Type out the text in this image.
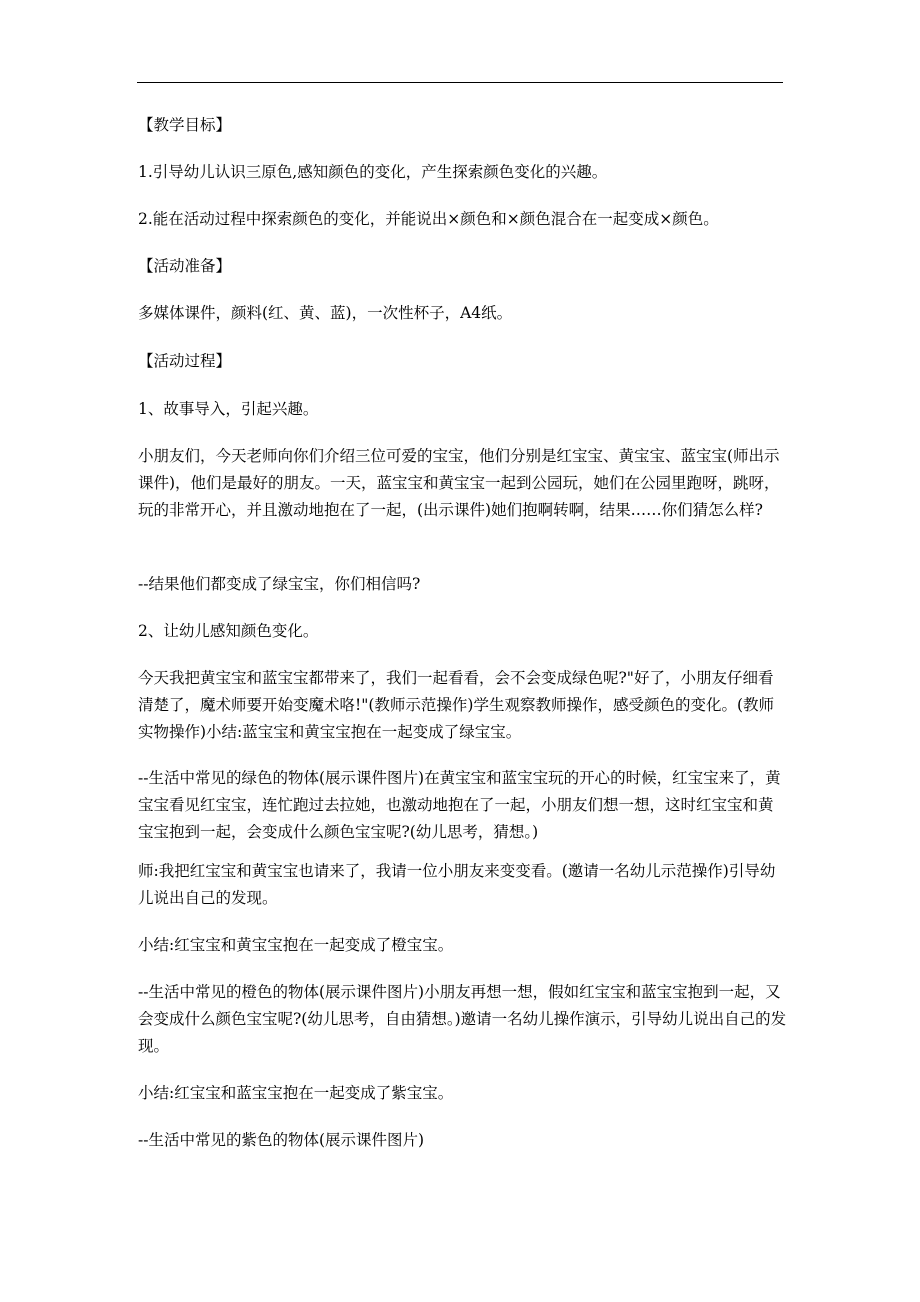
【教学目标】

1.引导幼儿认识三原色,感知颜色的变化，产生探索颜色变化的兴趣。

2.能在活动过程中探索颜色的变化，并能说出×颜色和×颜色混合在一起变成×颜色。

【活动准备】

多媒体课件，颜料(红、黄、蓝)，一次性杯子，A4纸。

【活动过程】

1、故事导入，引起兴趣。

小朋友们，今天老师向你们介绍三位可爱的宝宝，他们分别是红宝宝、黄宝宝、蓝宝宝(师出示课件)，他们是最好的朋友。一天，蓝宝宝和黄宝宝一起到公园玩，她们在公园里跑呀，跳呀，玩的非常开心，并且激动地抱在了一起，(出示课件)她们抱啊转啊，结果……你们猜怎么样?

--结果他们都变成了绿宝宝，你们相信吗?

2、让幼儿感知颜色变化。

今天我把黄宝宝和蓝宝宝都带来了，我们一起看看，会不会变成绿色呢?"好了，小朋友仔细看清楚了，魔术师要开始变魔术咯!"(教师示范操作)学生观察教师操作，感受颜色的变化。(教师实物操作)小结:蓝宝宝和黄宝宝抱在一起变成了绿宝宝。

--生活中常见的绿色的物体(展示课件图片)在黄宝宝和蓝宝宝玩的开心的时候，红宝宝来了，黄宝宝看见红宝宝，连忙跑过去拉她，也激动地抱在了一起，小朋友们想一想，这时红宝宝和黄宝宝抱到一起，会变成什么颜色宝宝呢?(幼儿思考，猜想。)

师:我把红宝宝和黄宝宝也请来了，我请一位小朋友来变变看。(邀请一名幼儿示范操作)引导幼儿说出自己的发现。

小结:红宝宝和黄宝宝抱在一起变成了橙宝宝。

--生活中常见的橙色的物体(展示课件图片)小朋友再想一想，假如红宝宝和蓝宝宝抱到一起，又会变成什么颜色宝宝呢?(幼儿思考，自由猜想。)邀请一名幼儿操作演示，引导幼儿说出自己的发现。

小结:红宝宝和蓝宝宝抱在一起变成了紫宝宝。

--生活中常见的紫色的物体(展示课件图片)
